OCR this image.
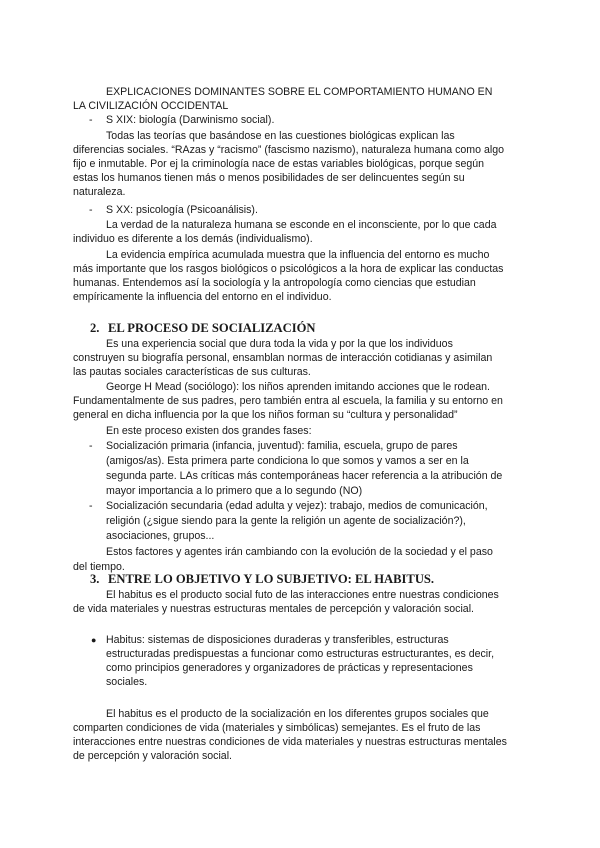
EXPLICACIONES DOMINANTES SOBRE EL COMPORTAMIENTO HUMANO EN
LA CIVILIZACIÓN OCCIDENTAL
- S XIX: biología (Darwinismo social).
Todas las teorías que basándose en las cuestiones biológicas explican las
diferencias sociales. “RAzas y “racismo” (fascismo nazismo), naturaleza humana como algo
fijo e inmutable. Por ej la criminología nace de estas variables biológicas, porque según
estas los humanos tienen más o menos posibilidades de ser delincuentes según su
naturaleza.
- S XX: psicología (Psicoanálisis).
La verdad de la naturaleza humana se esconde en el inconsciente, por lo que cada
individuo es diferente a los demás (individualismo).
La evidencia empírica acumulada muestra que la influencia del entorno es mucho
más importante que los rasgos biológicos o psicológicos a la hora de explicar las conductas
humanas. Entendemos así la sociología y la antropología como ciencias que estudian
empíricamente la influencia del entorno en el individuo.
2. EL PROCESO DE SOCIALIZACIÓN
Es una experiencia social que dura toda la vida y por la que los individuos
construyen su biografía personal, ensamblan normas de interacción cotidianas y asimilan
las pautas sociales características de sus culturas.
George H Mead (sociólogo): los niños aprenden imitando acciones que le rodean.
Fundamentalmente de sus padres, pero también entra al escuela, la familia y su entorno en
general en dicha influencia por la que los niños forman su “cultura y personalidad”
En este proceso existen dos grandes fases:
- Socialización primaria (infancia, juventud): familia, escuela, grupo de pares
(amigos/as). Esta primera parte condiciona lo que somos y vamos a ser en la
segunda parte. LAs críticas más contemporáneas hacer referencia a la atribución de
mayor importancia a lo primero que a lo segundo (NO)
- Socialización secundaria (edad adulta y vejez): trabajo, medios de comunicación,
religión (¿sigue siendo para la gente la religión un agente de socialización?),
asociaciones, grupos...
Estos factores y agentes irán cambiando con la evolución de la sociedad y el paso
del tiempo.
3. ENTRE LO OBJETIVO Y LO SUBJETIVO: EL HABITUS.
El habitus es el producto social futo de las interacciones entre nuestras condiciones
de vida materiales y nuestras estructuras mentales de percepción y valoración social.
● Habitus: sistemas de disposiciones duraderas y transferibles, estructuras
estructuradas predispuestas a funcionar como estructuras estructurantes, es decir,
como principios generadores y organizadores de prácticas y representaciones
sociales.
El habitus es el producto de la socialización en los diferentes grupos sociales que
comparten condiciones de vida (materiales y simbólicas) semejantes. Es el fruto de las
interacciones entre nuestras condiciones de vida materiales y nuestras estructuras mentales
de percepción y valoración social.
